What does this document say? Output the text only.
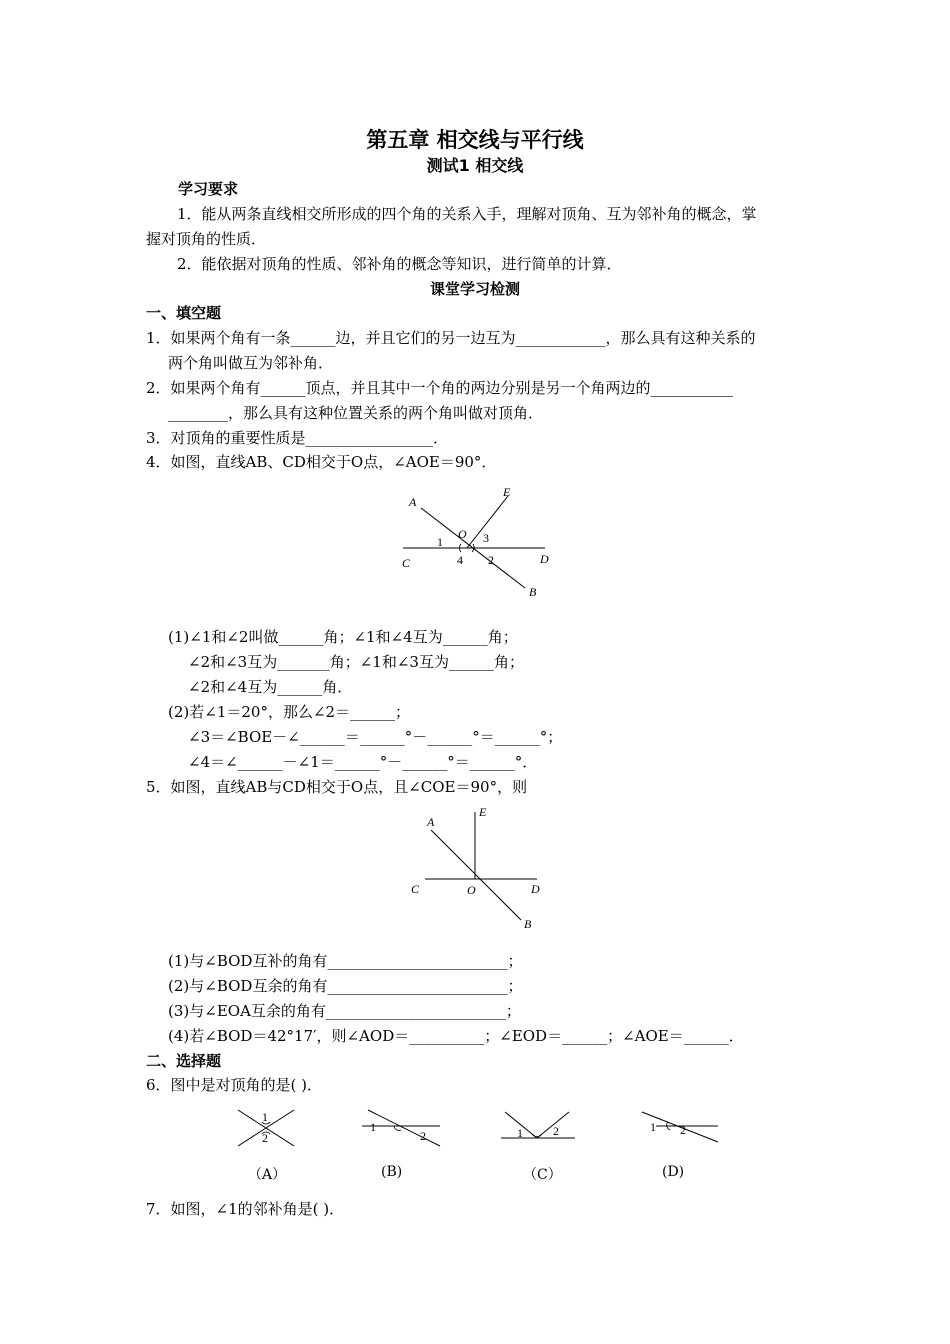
第五章 相交线与平行线
测试1 相交线
学习要求
1．能从两条直线相交所形成的四个角的关系入手，理解对顶角、互为邻补角的概念，掌
握对顶角的性质．
2．能依据对顶角的性质、邻补角的概念等知识，进行简单的计算．
课堂学习检测
一、填空题
1．如果两个角有一条______边，并且它们的另一边互为____________，那么具有这种关系的
两个角叫做互为邻补角．
2．如果两个角有______顶点，并且其中一个角的两边分别是另一个角两边的___________
________，那么具有这种位置关系的两个角叫做对顶角．
3．对顶角的重要性质是_________________．
4．如图，直线AB、CD相交于O点，∠AOE＝90°．
A
E
O
1	3
C	4 2	D
B
(1)∠1和∠2叫做______角；∠1和∠4互为______角；
∠2和∠3互为_______角；∠1和∠3互为______角；
∠2和∠4互为______角．
(2)若∠1＝20°，那么∠2＝______；
∠3＝∠BOE－∠______＝______°－______°＝______°；
∠4＝∠______－∠1＝______°－______°＝______°．
5．如图，直线AB与CD相交于O点，且∠COE＝90°，则
A
E
C	O	D
B
(1)与∠BOD互补的角有________________________；
(2)与∠BOD互余的角有________________________；
(3)与∠EOA互余的角有________________________；
(4)若∠BOD＝42°17′，则∠AOD＝__________；∠EOD＝______；∠AOE＝______．
二、选择题
6．图中是对顶角的是( )．
1
2
1
2	1	2	1 2
（A）	(B)	（C）	(D)
7．如图，∠1的邻补角是( )．
